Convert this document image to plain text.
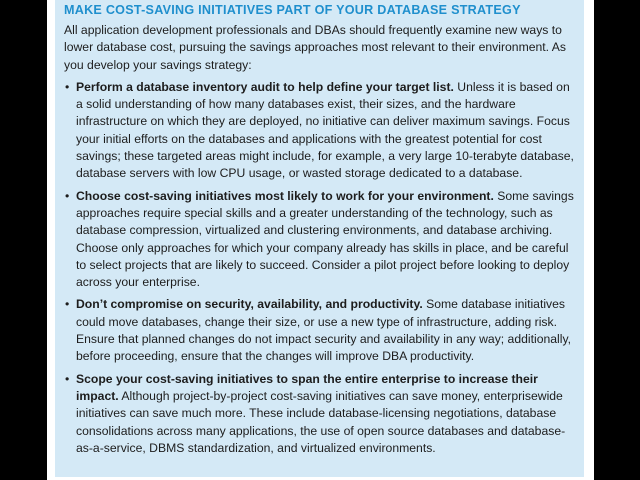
MAKE COST-SAVING INITIATIVES PART OF YOUR DATABASE STRATEGY
All application development professionals and DBAs should frequently examine new ways to lower database cost, pursuing the savings approaches most relevant to their environment. As you develop your savings strategy:
• Perform a database inventory audit to help define your target list. Unless it is based on a solid understanding of how many databases exist, their sizes, and the hardware infrastructure on which they are deployed, no initiative can deliver maximum savings. Focus your initial efforts on the databases and applications with the greatest potential for cost savings; these targeted areas might include, for example, a very large 10-terabyte database, database servers with low CPU usage, or wasted storage dedicated to a database.
• Choose cost-saving initiatives most likely to work for your environment. Some savings approaches require special skills and a greater understanding of the technology, such as database compression, virtualized and clustering environments, and database archiving. Choose only approaches for which your company already has skills in place, and be careful to select projects that are likely to succeed. Consider a pilot project before looking to deploy across your enterprise.
• Don’t compromise on security, availability, and productivity. Some database initiatives could move databases, change their size, or use a new type of infrastructure, adding risk. Ensure that planned changes do not impact security and availability in any way; additionally, before proceeding, ensure that the changes will improve DBA productivity.
• Scope your cost-saving initiatives to span the entire enterprise to increase their impact. Although project-by-project cost-saving initiatives can save money, enterprisewide initiatives can save much more. These include database-licensing negotiations, database consolidations across many applications, the use of open source databases and database-as-a-service, DBMS standardization, and virtualized environments.
